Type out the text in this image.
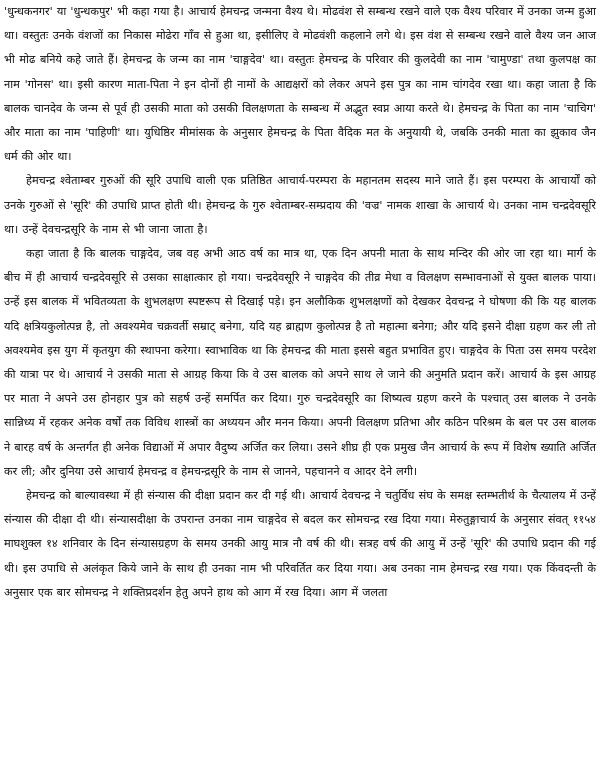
'धुन्धकनगर' या 'धुन्धकपुर' भी कहा गया है। आचार्य हेमचन्द्र जन्मना वैश्य थे। मोढवंश से सम्बन्ध रखने वाले एक वैश्य परिवार में उनका जन्म हुआ था। वस्तुतः उनके वंशजों का निकास मोढेरा गाँव से हुआ था, इसीलिए वे मोढवंशी कहलाने लगे थे। इस वंश से सम्बन्ध रखने वाले वैश्य जन आज भी मोढ बनिये कहे जाते हैं। हेमचन्द्र के जन्म का नाम 'चाङ्गदेव' था। वस्तुतः हेमचन्द्र के परिवार की कुलदेवी का नाम 'चामुण्डा' तथा कुलपक्ष का नाम 'गोनस' था। इसी कारण माता-पिता ने इन दोनों ही नामों के आद्यक्षरों को लेकर अपने इस पुत्र का नाम चांगदेव रखा था। कहा जाता है कि बालक चानदेव के जन्म से पूर्व ही उसकी माता को उसकी विलक्षणता के सम्बन्ध में अद्भुत स्वप्न आया करते थे। हेमचन्द्र के पिता का नाम 'चाचिग' और माता का नाम 'पाहिणी' था। युधिष्ठिर मीमांसक के अनुसार हेमचन्द्र के पिता वैदिक मत के अनुयायी थे, जबकि उनकी माता का झुकाव जैन धर्म की ओर था।

हेमचन्द्र श्वेताम्बर गुरुओं की सूरि उपाधि वाली एक प्रतिष्ठित आचार्य-परम्परा के महानतम सदस्य माने जाते हैं। इस परम्परा के आचार्यों को उनके गुरुओं से 'सूरि' की उपाधि प्राप्त होती थी। हेमचन्द्र के गुरु श्वेताम्बर-सम्प्रदाय की 'वज्र' नामक शाखा के आचार्य थे। उनका नाम चन्द्रदेवसूरि था। उन्हें देवचन्द्रसूरि के नाम से भी जाना जाता है।

कहा जाता है कि बालक चाङ्गदेव, जब वह अभी आठ वर्ष का मात्र था, एक दिन अपनी माता के साथ मन्दिर की ओर जा रहा था। मार्ग के बीच में ही आचार्य चन्द्रदेवसूरि से उसका साक्षात्कार हो गया। चन्द्रदेवसूरि ने चाङ्गदेव की तीव्र मेधा व विलक्षण सम्भावनाओं से युक्त बालक पाया। उन्हें इस बालक में भवितव्यता के शुभलक्षण स्पष्टरूप से दिखाई पड़े। इन अलौकिक शुभलक्षणों को देखकर देवचन्द्र ने घोषणा की कि यह बालक यदि क्षत्रियकुलोत्पन्न है, तो अवश्यमेव चक्रवर्ती सम्राट् बनेगा, यदि यह ब्राह्मण कुलोत्पन्न है तो महात्मा बनेगा; और यदि इसने दीक्षा ग्रहण कर ली तो अवश्यमेव इस युग में कृतयुग की स्थापना करेगा। स्वाभाविक था कि हेमचन्द्र की माता इससे बहुत प्रभावित हुए। चाङ्गदेव के पिता उस समय परदेश की यात्रा पर थे। आचार्य ने उसकी माता से आग्रह किया कि वे उस बालक को अपने साथ ले जाने की अनुमति प्रदान करें। आचार्य के इस आग्रह पर माता ने अपने उस होनहार पुत्र को सहर्ष उन्हें समर्पित कर दिया। गुरु चन्द्रदेवसूरि का शिष्यत्व ग्रहण करने के पश्चात् उस बालक ने उनके सान्निध्य में रहकर अनेक वर्षों तक विविध शास्त्रों का अध्ययन और मनन किया। अपनी विलक्षण प्रतिभा और कठिन परिश्रम के बल पर उस बालक ने बारह वर्ष के अन्तर्गत ही अनेक विद्याओं में अपार वैदुष्य अर्जित कर लिया। उसने शीघ्र ही एक प्रमुख जैन आचार्य के रूप में विशेष ख्याति अर्जित कर ली; और दुनिया उसे आचार्य हेमचन्द्र व हेमचन्द्रसूरि के नाम से जानने, पहचानने व आदर देने लगी।

हेमचन्द्र को बाल्यावस्था में ही संन्यास की दीक्षा प्रदान कर दी गई थी। आचार्य देवचन्द्र ने चतुर्विध संघ के समक्ष स्तम्भतीर्थ के चैत्यालय में उन्हें संन्यास की दीक्षा दी थी। संन्यासदीक्षा के उपरान्त उनका नाम चाङ्गदेव से बदल कर सोमचन्द्र रख दिया गया। मेरुतुङ्गाचार्य के अनुसार संवत् ११५४ माघशुक्ल १४ शनिवार के दिन संन्यासग्रहण के समय उनकी आयु मात्र नौ वर्ष की थी। सत्रह वर्ष की आयु में उन्हें 'सूरि' की उपाधि प्रदान की गई थी। इस उपाधि से अलंकृत किये जाने के साथ ही उनका नाम भी परिवर्तित कर दिया गया। अब उनका नाम हेमचन्द्र रख गया। एक किंवदन्ती के अनुसार एक बार सोमचन्द्र ने शक्तिप्रदर्शन हेतु अपने हाथ को आग में रख दिया। आग में जलता
